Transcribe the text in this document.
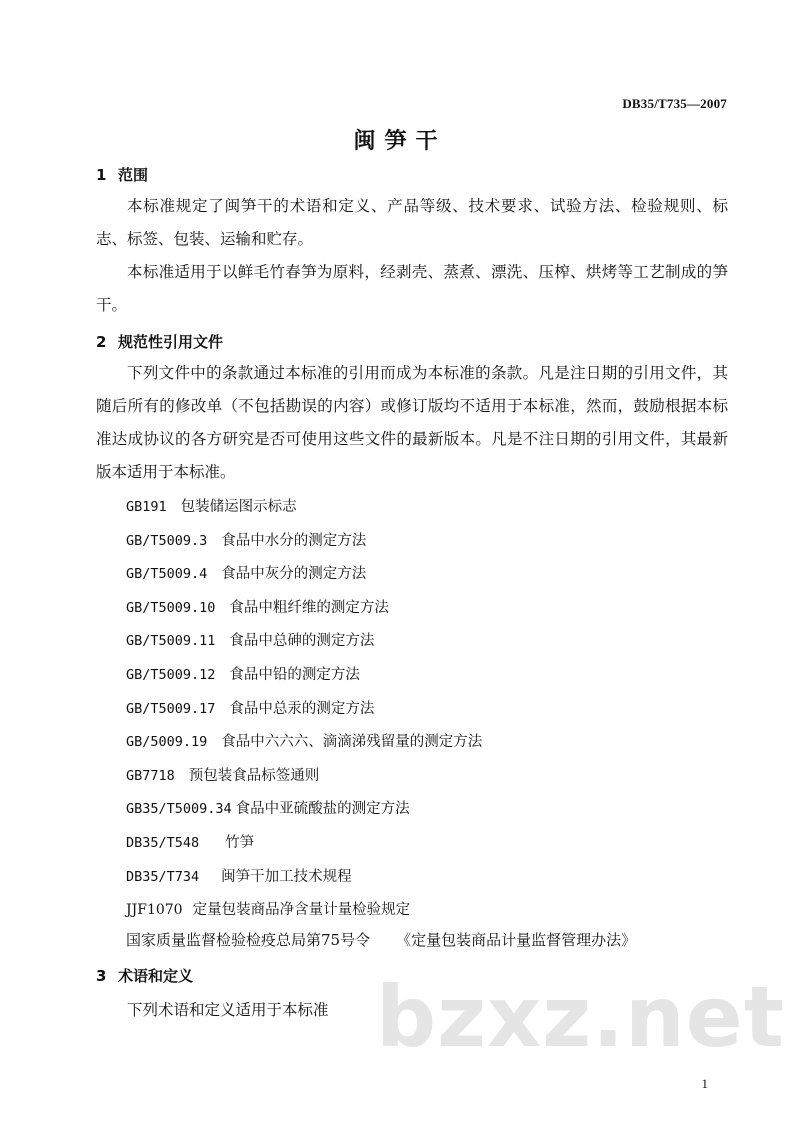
DB35/T735—2007
闽笋干
1 范围
本标准规定了闽笋干的术语和定义、产品等级、技术要求、试验方法、检验规则、标志、标签、包装、运输和贮存。
本标准适用于以鲜毛竹春笋为原料，经剥壳、蒸煮、漂洗、压榨、烘烤等工艺制成的笋干。
2 规范性引用文件
下列文件中的条款通过本标准的引用而成为本标准的条款。凡是注日期的引用文件，其随后所有的修改单（不包括勘误的内容）或修订版均不适用于本标准，然而，鼓励根据本标准达成协议的各方研究是否可使用这些文件的最新版本。凡是不注日期的引用文件，其最新版本适用于本标准。
GB191 包装储运图示标志
GB/T5009.3 食品中水分的测定方法
GB/T5009.4 食品中灰分的测定方法
GB/T5009.10 食品中粗纤维的测定方法
GB/T5009.11 食品中总砷的测定方法
GB/T5009.12 食品中铅的测定方法
GB/T5009.17 食品中总汞的测定方法
GB/5009.19 食品中六六六、滴滴涕残留量的测定方法
GB7718 预包装食品标签通则
GB35/T5009.34 食品中亚硫酸盐的测定方法
DB35/T548 竹笋
DB35/T734 闽笋干加工技术规程
JJF1070 定量包装商品净含量计量检验规定
国家质量监督检验检疫总局第75号令 《定量包装商品计量监督管理办法》
3 术语和定义
下列术语和定义适用于本标准 bzxz.net
1
